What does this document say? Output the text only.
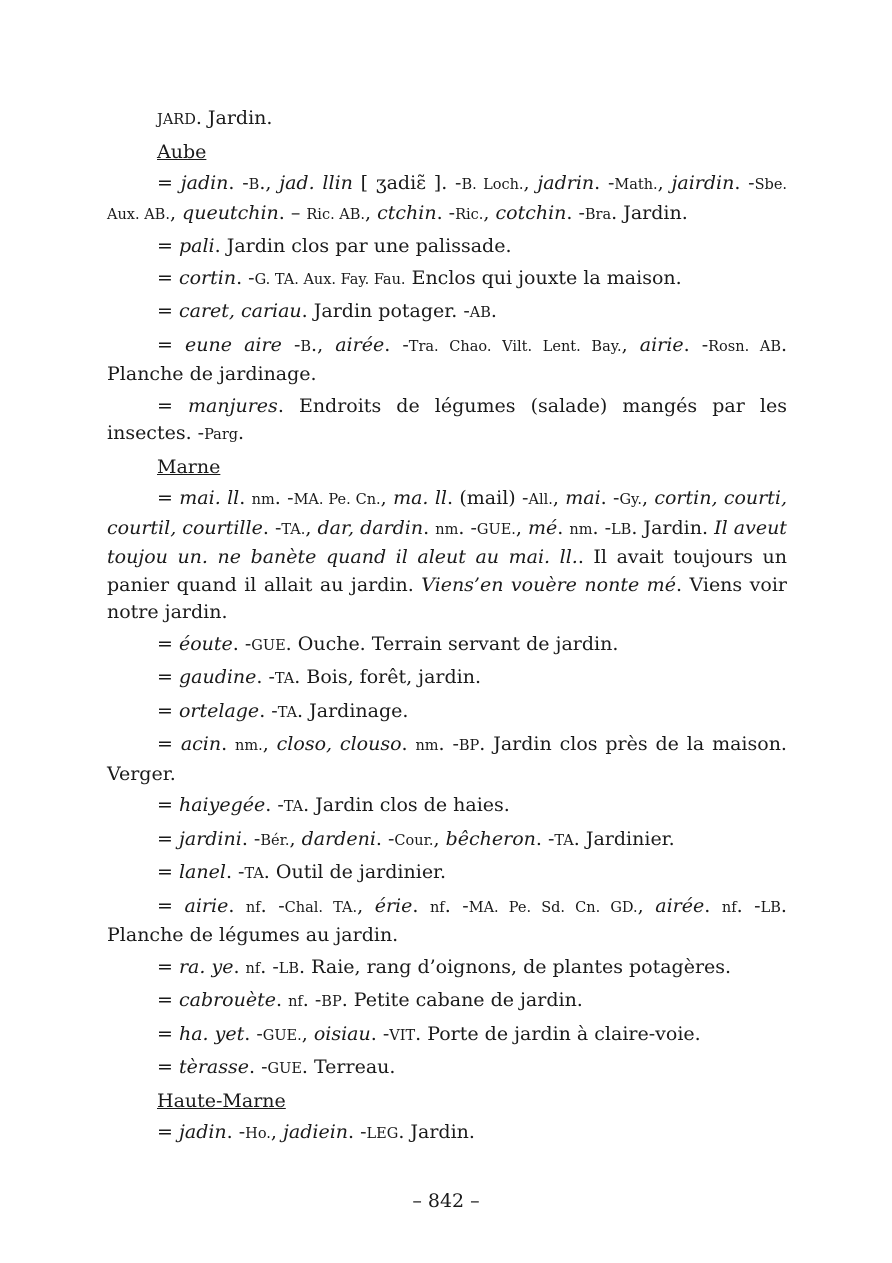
JARD. Jardin.
Aube
= jadin. -B., jad. llin [ ʒadiɛ̃ ]. -B. Loch., jadrin. -Math., jairdin. -Sbe. Aux. AB., queutchin. – Ric. AB., ctchin. -Ric., cotchin. -Bra. Jardin.
= pali. Jardin clos par une palissade.
= cortin. -G. TA. Aux. Fay. Fau. Enclos qui jouxte la maison.
= caret, cariau. Jardin potager. -AB.
= eune aire -B., airée. -Tra. Chao. Vilt. Lent. Bay., airie. -Rosn. AB. Planche de jardinage.
= manjures. Endroits de légumes (salade) mangés par les insectes. -Parg.
Marne
= mai. ll. nm. -MA. Pe. Cn., ma. ll. (mail) -All., mai. -Gy., cortin, courti, courtil, courtille. -TA., dar, dardin. nm. -GUE., mé. nm. -LB. Jardin. Il aveut toujou un. ne banète quand il aleut au mai. ll.. Il avait toujours un panier quand il allait au jardin. Viens’en vouère nonte mé. Viens voir notre jardin.
= éoute. -GUE. Ouche. Terrain servant de jardin.
= gaudine. -TA. Bois, forêt, jardin.
= ortelage. -TA. Jardinage.
= acin. nm., closo, clouso. nm. -BP. Jardin clos près de la maison. Verger.
= haiyegée. -TA. Jardin clos de haies.
= jardini. -Bér., dardeni. -Cour., bêcheron. -TA. Jardinier.
= lanel. -TA. Outil de jardinier.
= airie. nf. -Chal. TA., érie. nf. -MA. Pe. Sd. Cn. GD., airée. nf. -LB. Planche de légumes au jardin.
= ra. ye. nf. -LB. Raie, rang d’oignons, de plantes potagères.
= cabrouète. nf. -BP. Petite cabane de jardin.
= ha. yet. -GUE., oisiau. -VIT. Porte de jardin à claire-voie.
= tèrasse. -GUE. Terreau.
Haute-Marne
= jadin. -Ho., jadiein. -LEG. Jardin.
– 842 –
